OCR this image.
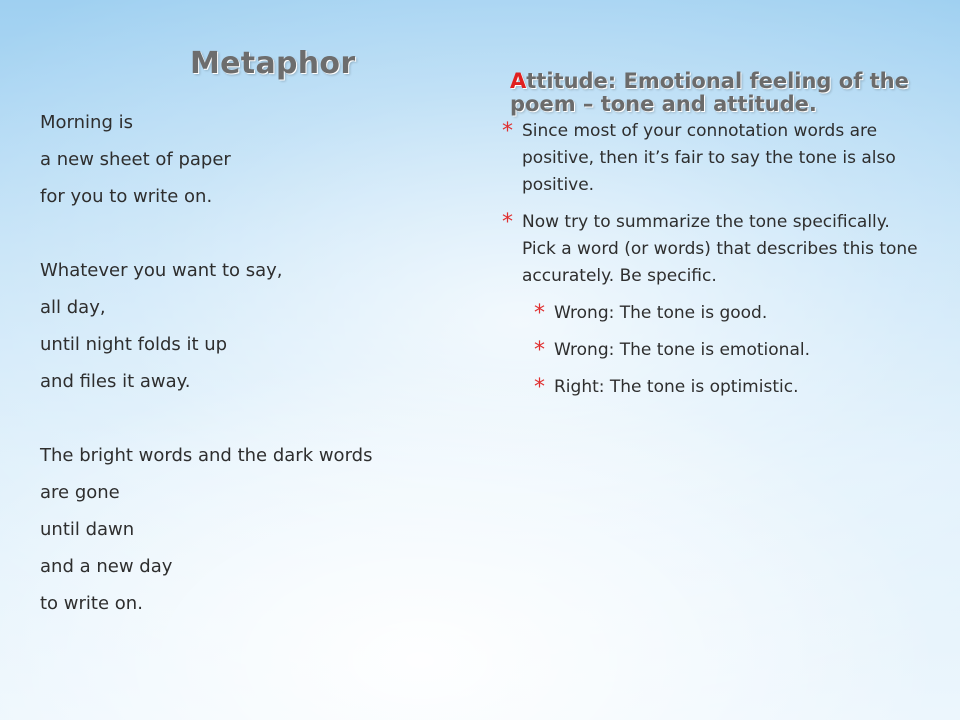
Metaphor
Morning is
a new sheet of paper
for you to write on.
Whatever you want to say,
all day,
until night folds it up
and files it away.
The bright words and the dark words
are gone
until dawn
and a new day
to write on.
Attitude: Emotional feeling of the poem – tone and attitude.
* Since most of your connotation words are positive, then it’s fair to say the tone is also positive.
* Now try to summarize the tone specifically. Pick a word (or words) that describes this tone accurately. Be specific.
* Wrong: The tone is good.
* Wrong: The tone is emotional.
* Right: The tone is optimistic.
